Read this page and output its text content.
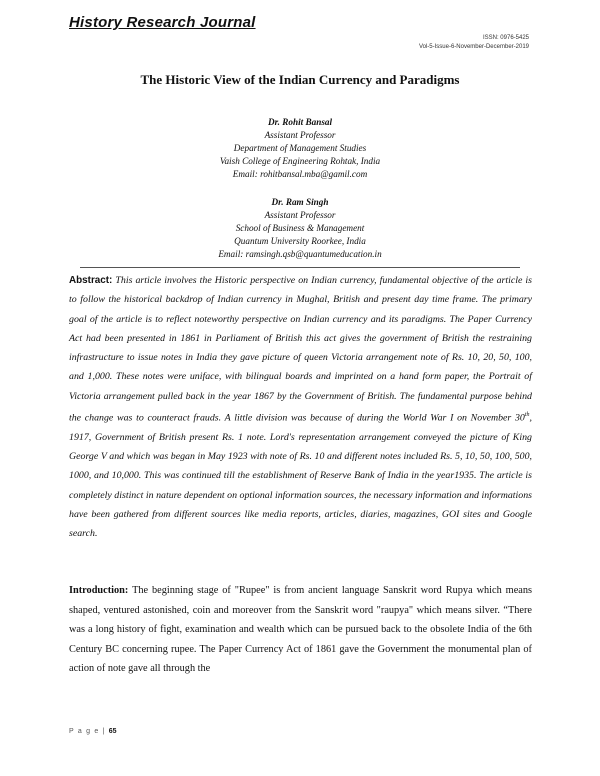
History Research Journal
ISSN: 0976-5425
Vol-5-Issue-6-November-December-2019
The Historic View of the Indian Currency and Paradigms
Dr. Rohit Bansal
Assistant Professor
Department of Management Studies
Vaish College of Engineering Rohtak, India
Email: rohitbansal.mba@gamil.com
Dr. Ram Singh
Assistant Professor
School of Business & Management
Quantum University Roorkee, India
Email: ramsingh.qsb@quantumeducation.in
Abstract: This article involves the Historic perspective on Indian currency, fundamental objective of the article is to follow the historical backdrop of Indian currency in Mughal, British and present day time frame. The primary goal of the article is to reflect noteworthy perspective on Indian currency and its paradigms. The Paper Currency Act had been presented in 1861 in Parliament of British this act gives the government of British the restraining infrastructure to issue notes in India they gave picture of queen Victoria arrangement note of Rs. 10, 20, 50, 100, and 1,000. These notes were uniface, with bilingual boards and imprinted on a hand form paper, the Portrait of Victoria arrangement pulled back in the year 1867 by the Government of British. The fundamental purpose behind the change was to counteract frauds. A little division was because of during the World War I on November 30th, 1917, Government of British present Rs. 1 note. Lord's representation arrangement conveyed the picture of King George V and which was began in May 1923 with note of Rs. 10 and different notes included Rs. 5, 10, 50, 100, 500, 1000, and 10,000. This was continued till the establishment of Reserve Bank of India in the year1935. The article is completely distinct in nature dependent on optional information sources, the necessary information and informations have been gathered from different sources like media reports, articles, diaries, magazines, GOI sites and Google search.
Introduction: The beginning stage of "Rupee" is from ancient language Sanskrit word Rupya which means shaped, ventured astonished, coin and moreover from the Sanskrit word "raupya" which means silver. “There was a long history of fight, examination and wealth which can be pursued back to the obsolete India of the 6th Century BC concerning rupee. The Paper Currency Act of 1861 gave the Government the monumental plan of action of note gave all through the
P a g e | 65
